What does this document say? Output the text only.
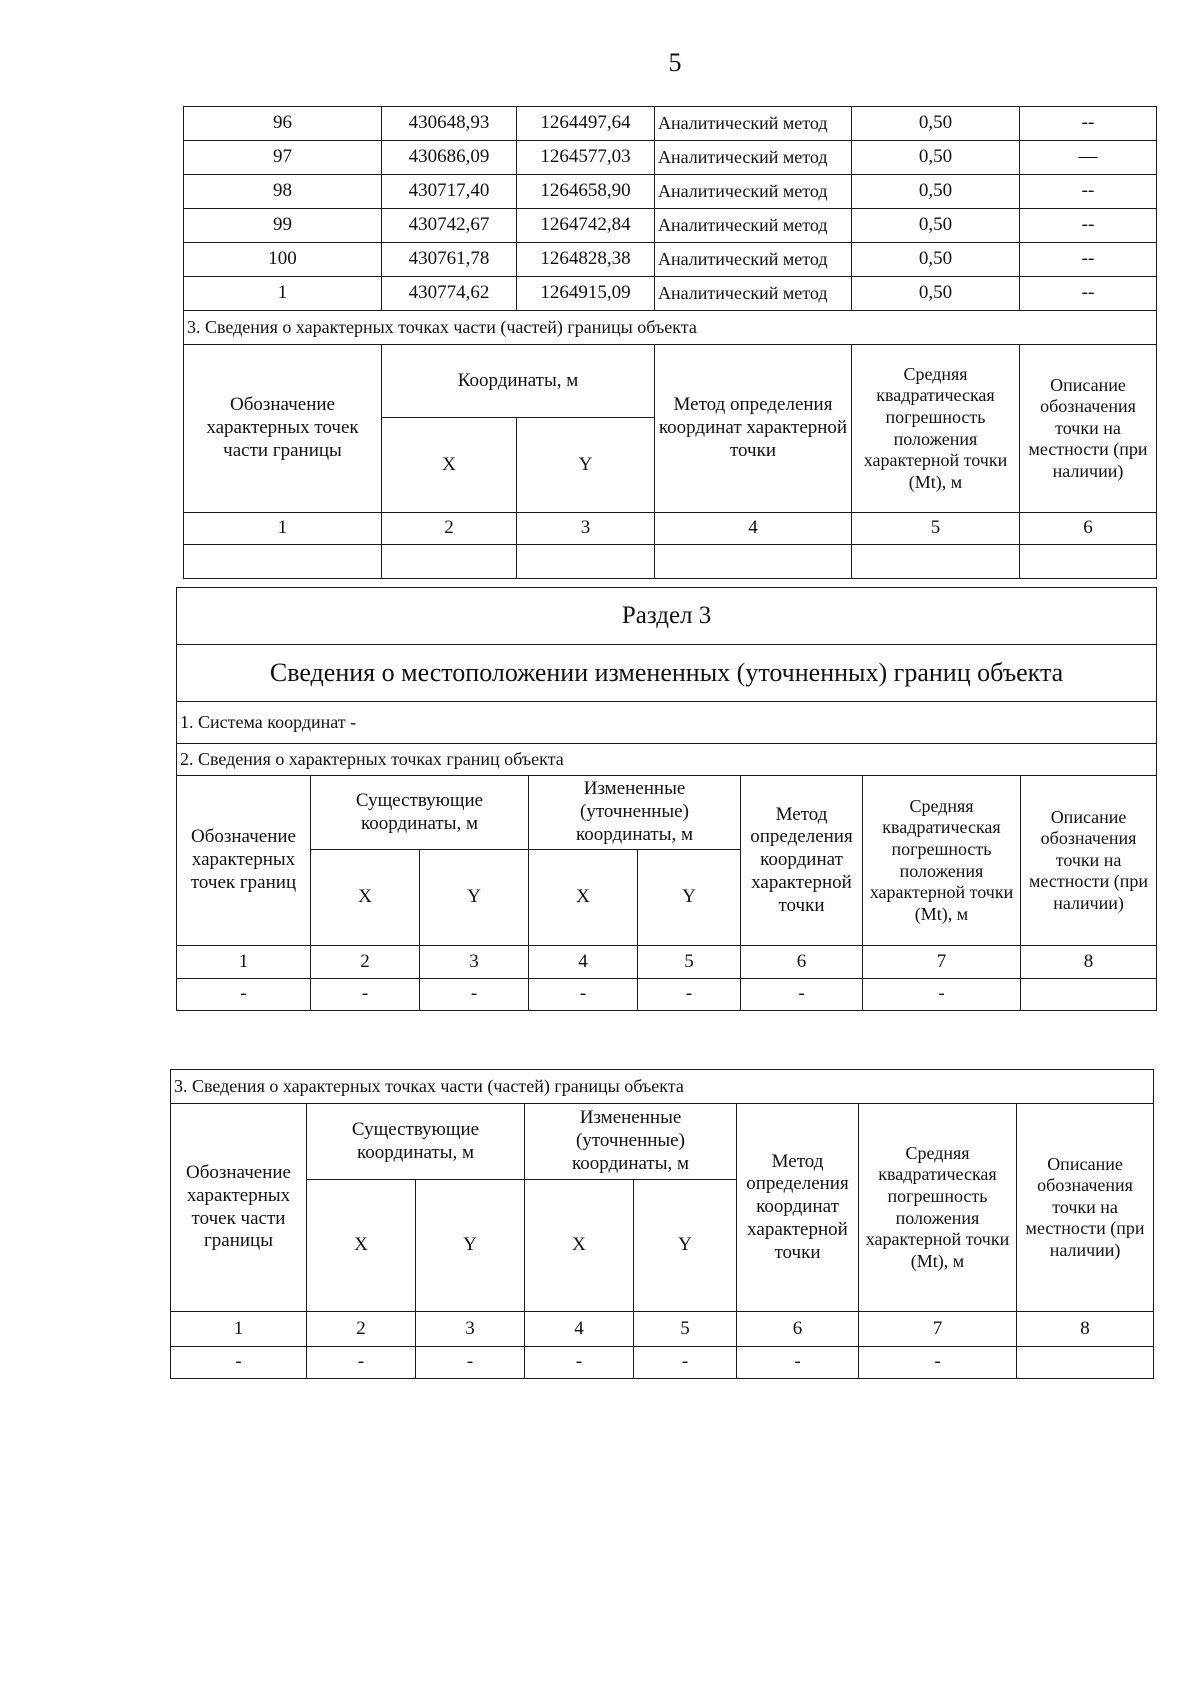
5
96	430648,93	1264497,64	Аналитический метод	0,50	--
97	430686,09	1264577,03	Аналитический метод	0,50	—
98	430717,40	1264658,90	Аналитический метод	0,50	--
99	430742,67	1264742,84	Аналитический метод	0,50	--
100	430761,78	1264828,38	Аналитический метод	0,50	--
1	430774,62	1264915,09	Аналитический метод	0,50	--
3. Сведения о характерных точках части (частей) границы объекта					
Обозначение характерных точек части границы	Координаты, м		Метод определения координат характерной точки	Средняя квадратическая погрешность положения характерной точки (Mt), м	Описание обозначения точки на местности (при наличии)
	X	Y			
1	2	3	4	5	6

Раздел 3							
Сведения о местоположении измененных (уточненных) границ объекта							
1. Система координат -							
2. Сведения о характерных точках границ объекта							
Обозначение характерных точек границ	Существующие координаты, м		Измененные (уточненные) координаты, м		Метод определения координат характерной точки	Средняя квадратическая погрешность положения характерной точки (Mt), м	Описание обозначения точки на местности (при наличии)
	X	Y	X	Y			
1	2	3	4	5	6	7	8
-	-	-	-	-	-	-	
3. Сведения о характерных точках части (частей) границы объекта							
Обозначение характерных точек части границы	Существующие координаты, м		Измененные (уточненные) координаты, м		Метод определения координат характерной точки	Средняя квадратическая погрешность положения характерной точки (Mt), м	Описание обозначения точки на местности (при наличии)
	X	Y	X	Y			
1	2	3	4	5	6	7	8
-	-	-	-	-	-	-	
